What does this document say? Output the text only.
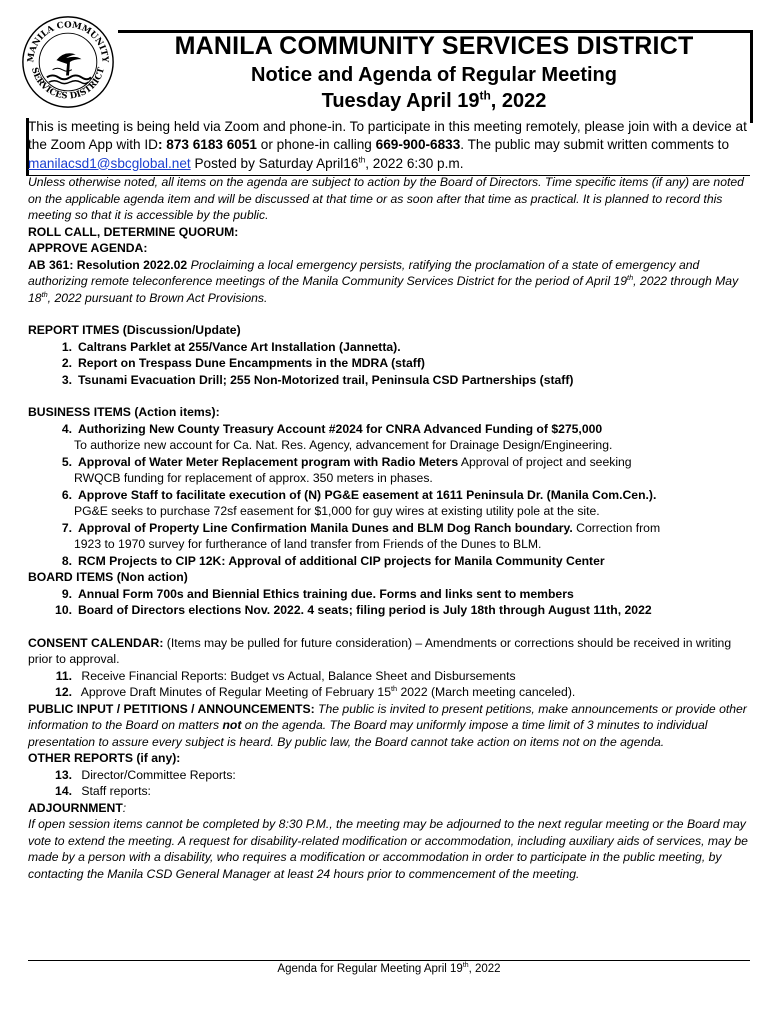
MANILA COMMUNITY
SERVICES DISTRICT
MANILA COMMUNITY SERVICES DISTRICT
Notice and Agenda of Regular Meeting
Tuesday April 19th, 2022
This is meeting is being held via Zoom and phone-in. To participate in this meeting remotely, please join with a device at the Zoom App with ID: 873 6183 6051 or phone-in calling 669-900-6833. The public may submit written comments to manilacsd1@sbcglobal.net Posted by Saturday April16th, 2022 6:30 p.m.
Unless otherwise noted, all items on the agenda are subject to action by the Board of Directors. Time specific items (if any) are noted on the applicable agenda item and will be discussed at that time or as soon after that time as practical. It is planned to record this meeting so that it is accessible by the public.
ROLL CALL, DETERMINE QUORUM:
APPROVE AGENDA:
AB 361: Resolution 2022.02 Proclaiming a local emergency persists, ratifying the proclamation of a state of emergency and authorizing remote teleconference meetings of the Manila Community Services District for the period of April 19th, 2022 through May 18th, 2022 pursuant to Brown Act Provisions.
REPORT ITMES (Discussion/Update)
1. Caltrans Parklet at 255/Vance Art Installation (Jannetta).
2. Report on Trespass Dune Encampments in the MDRA (staff)
3. Tsunami Evacuation Drill; 255 Non-Motorized trail, Peninsula CSD Partnerships (staff)
BUSINESS ITEMS (Action items):
4. Authorizing New County Treasury Account #2024 for CNRA Advanced Funding of $275,000
To authorize new account for Ca. Nat. Res. Agency, advancement for Drainage Design/Engineering.
5. Approval of Water Meter Replacement program with Radio Meters Approval of project and seeking
RWQCB funding for replacement of approx. 350 meters in phases.
6. Approve Staff to facilitate execution of (N) PG&E easement at 1611 Peninsula Dr. (Manila Com.Cen.).
PG&E seeks to purchase 72sf easement for $1,000 for guy wires at existing utility pole at the site.
7. Approval of Property Line Confirmation Manila Dunes and BLM Dog Ranch boundary. Correction from
1923 to 1970 survey for furtherance of land transfer from Friends of the Dunes to BLM.
8. RCM Projects to CIP 12K: Approval of additional CIP projects for Manila Community Center
BOARD ITEMS (Non action)
9. Annual Form 700s and Biennial Ethics training due. Forms and links sent to members
10. Board of Directors elections Nov. 2022. 4 seats; filing period is July 18th through August 11th, 2022
CONSENT CALENDAR: (Items may be pulled for future consideration) – Amendments or corrections should be received in writing prior to approval.
11. Receive Financial Reports: Budget vs Actual, Balance Sheet and Disbursements
12. Approve Draft Minutes of Regular Meeting of February 15th 2022 (March meeting canceled).
PUBLIC INPUT / PETITIONS / ANNOUNCEMENTS: The public is invited to present petitions, make announcements or provide other information to the Board on matters not on the agenda. The Board may uniformly impose a time limit of 3 minutes to individual presentation to assure every subject is heard. By public law, the Board cannot take action on items not on the agenda.
OTHER REPORTS (if any):
13. Director/Committee Reports:
14. Staff reports:
ADJOURNMENT:
If open session items cannot be completed by 8:30 P.M., the meeting may be adjourned to the next regular meeting or the Board may vote to extend the meeting. A request for disability-related modification or accommodation, including auxiliary aids of services, may be made by a person with a disability, who requires a modification or accommodation in order to participate in the public meeting, by contacting the Manila CSD General Manager at least 24 hours prior to commencement of the meeting.
Agenda for Regular Meeting April 19th, 2022
